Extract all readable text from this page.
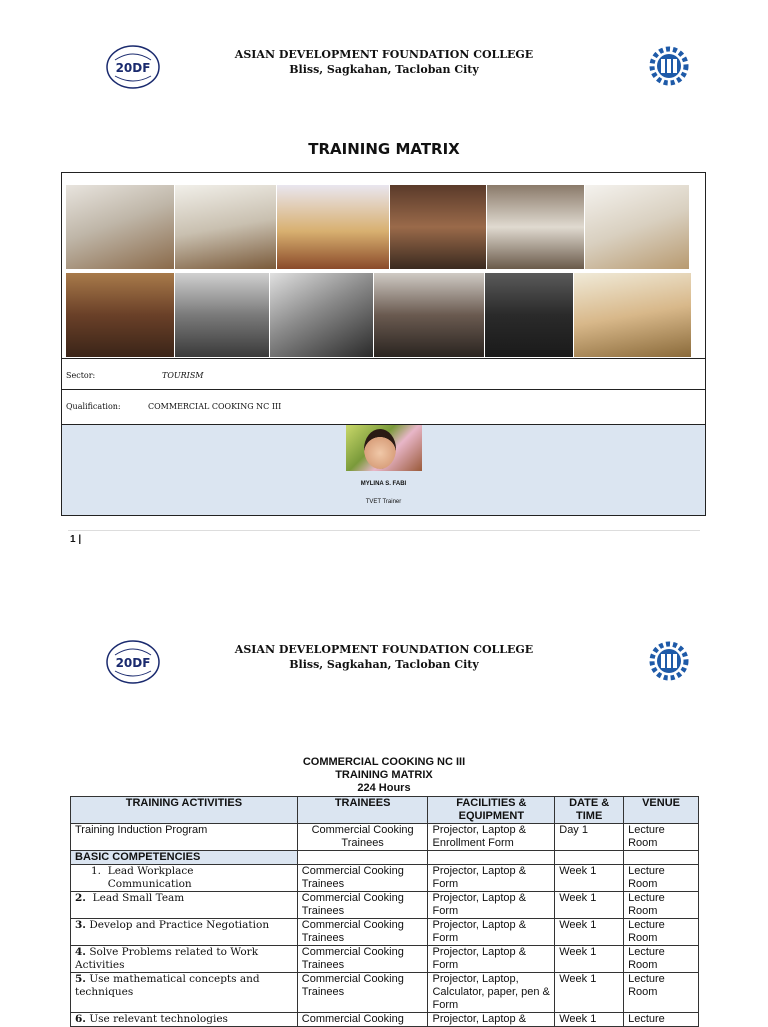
20DF
ASIAN DEVELOPMENT FOUNDATION COLLEGE
Bliss, Sagkahan, Tacloban City
TRAINING MATRIX
Sector:	TOURISM
Qualification:	COMMERCIAL COOKING NC III
MYLINA S. FABI
TVET Trainer
1 |
20DF
ASIAN DEVELOPMENT FOUNDATION COLLEGE
Bliss, Sagkahan, Tacloban City
COMMERCIAL COOKING NC III
TRAINING MATRIX
224 Hours
TRAINING ACTIVITIES	TRAINEES	FACILITIES & EQUIPMENT	DATE & TIME	VENUE
Training Induction Program	Commercial Cooking Trainees	Projector, Laptop & Enrollment Form	Day 1	Lecture Room
BASIC COMPETENCIES				
1. Lead Workplace Communication	Commercial Cooking Trainees	Projector, Laptop & Form	Week 1	Lecture Room
2. Lead Small Team	Commercial Cooking Trainees	Projector, Laptop & Form	Week 1	Lecture Room
3. Develop and Practice Negotiation	Commercial Cooking Trainees	Projector, Laptop & Form	Week 1	Lecture Room
4. Solve Problems related to Work Activities	Commercial Cooking Trainees	Projector, Laptop & Form	Week 1	Lecture Room
5. Use mathematical concepts and techniques	Commercial Cooking Trainees	Projector, Laptop, Calculator, paper, pen & Form	Week 1	Lecture Room
6. Use relevant technologies	Commercial Cooking	Projector, Laptop &	Week 1	Lecture
